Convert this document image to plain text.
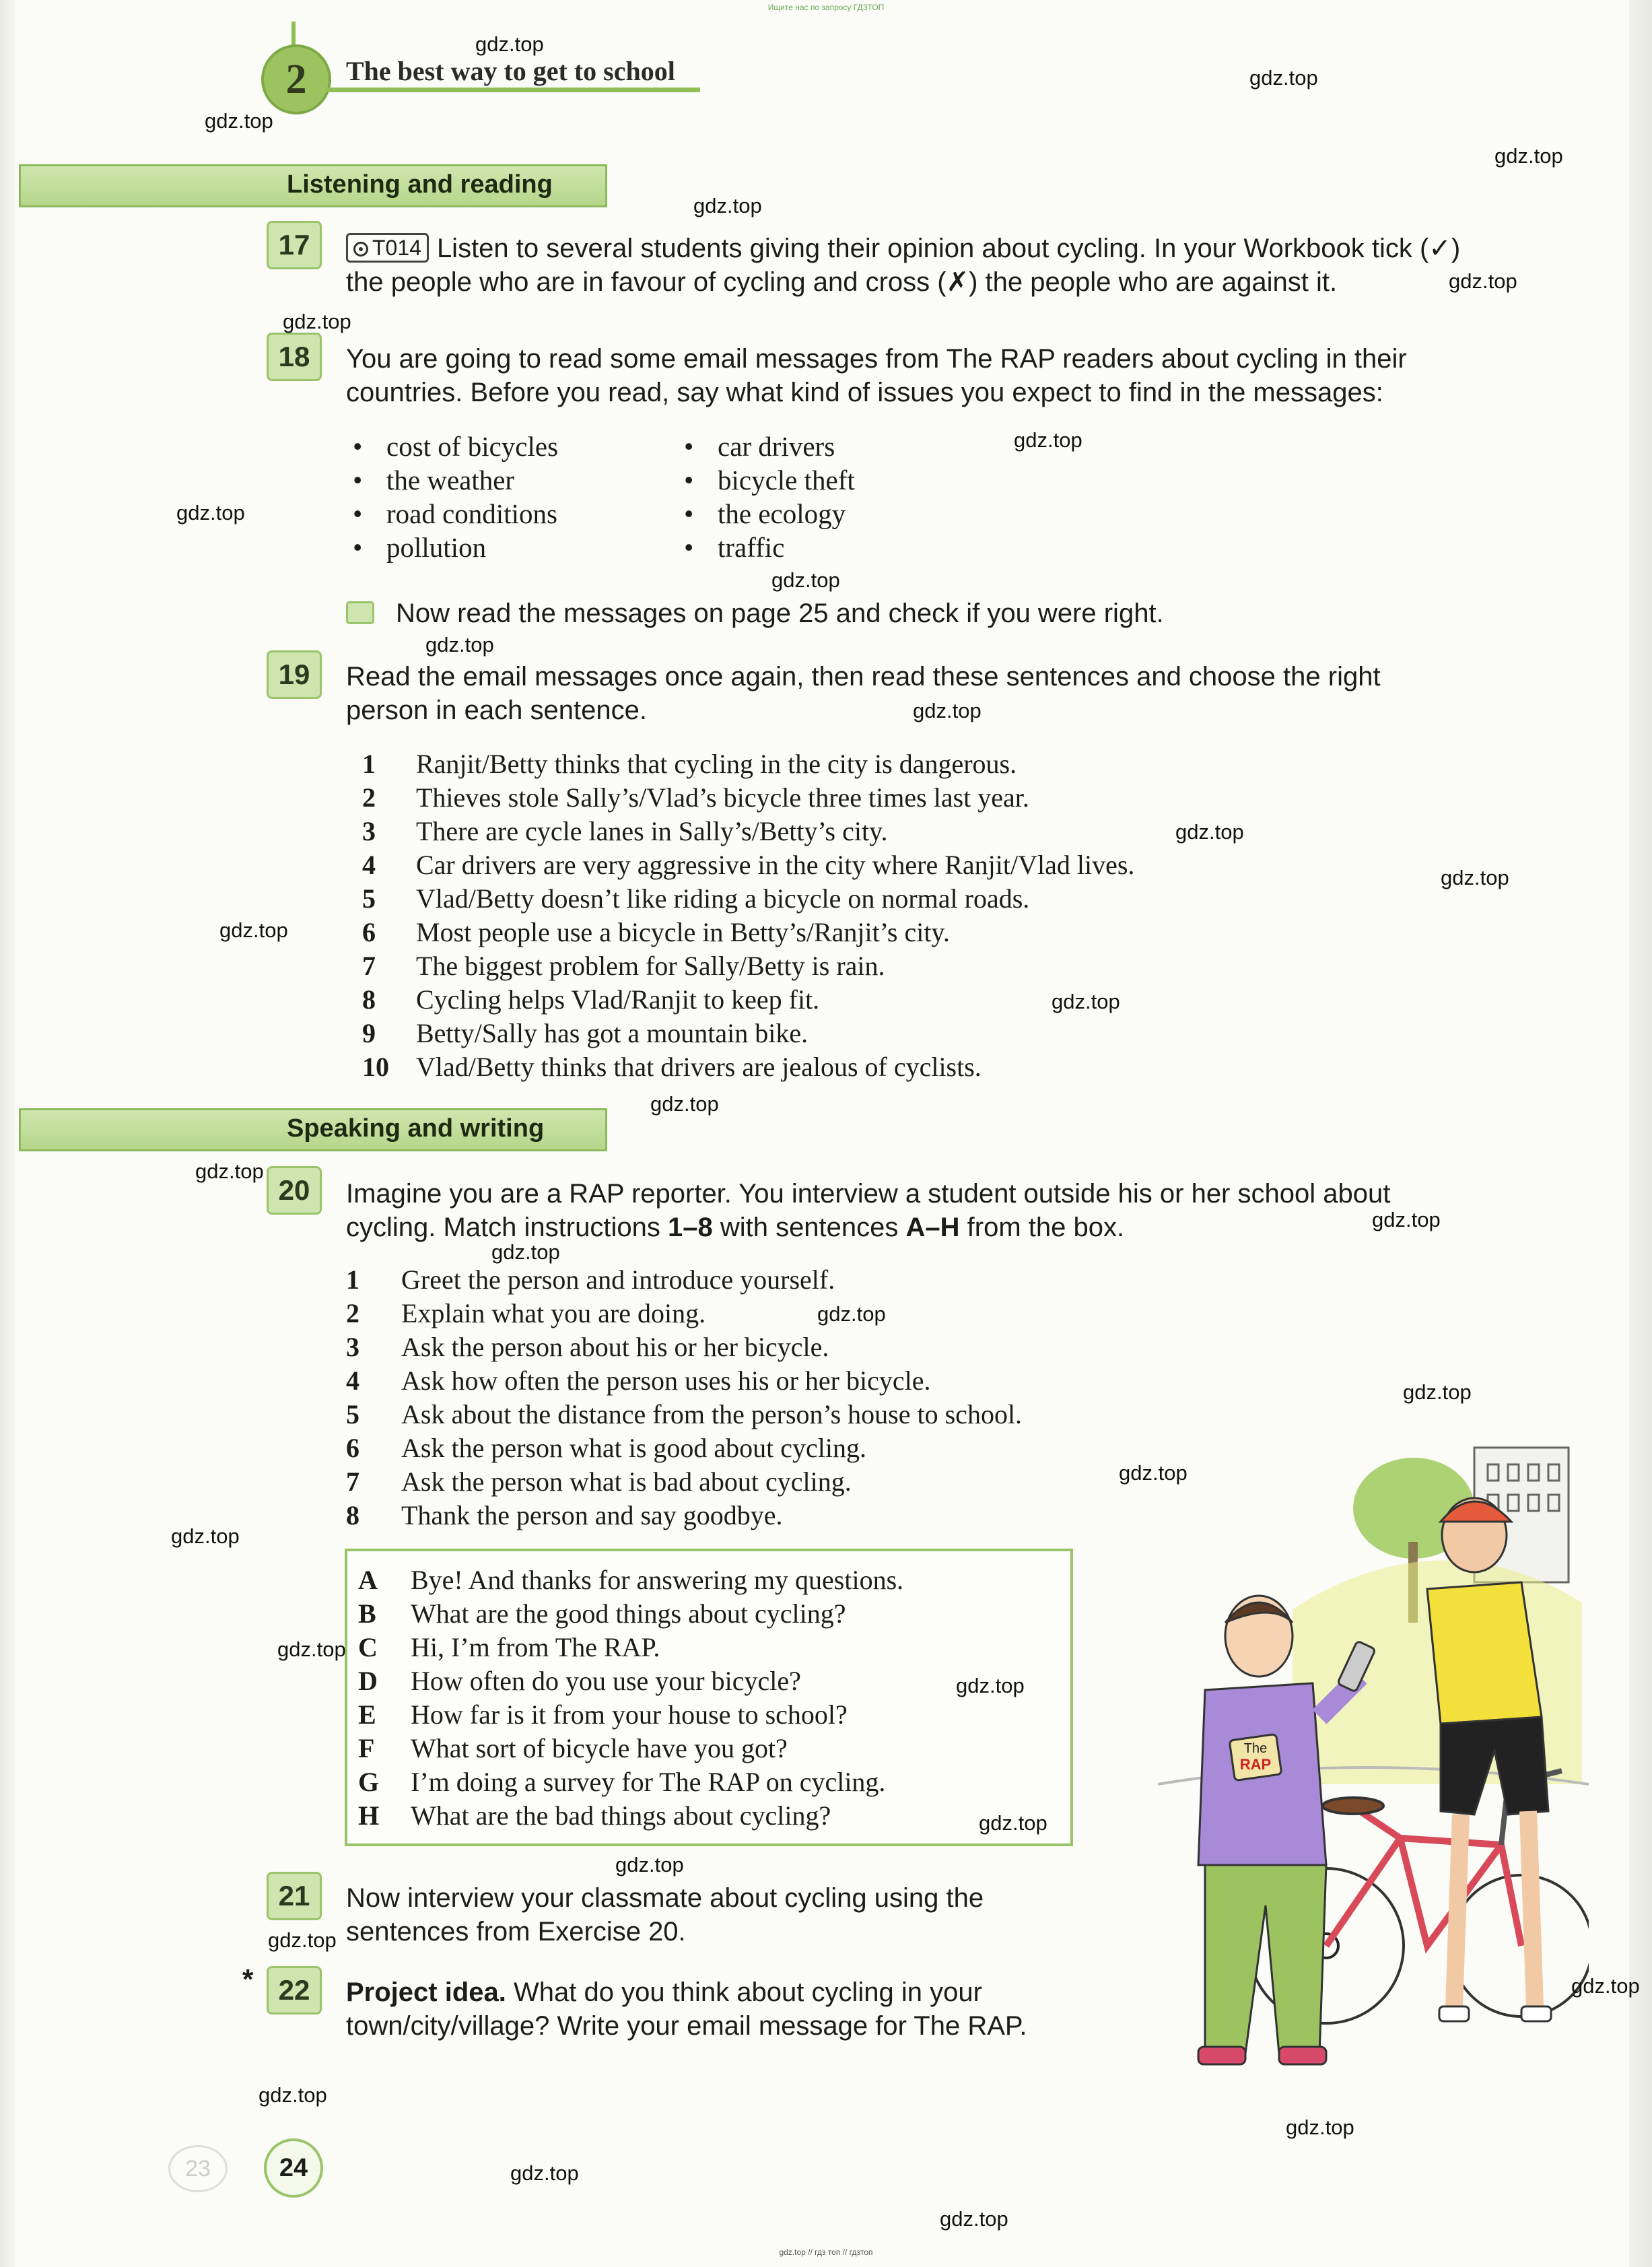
Ищите нас по запросу ГДЗТОП
2	The best way to get to school
Listening and reading
17	T014 Listen to several students giving their opinion about cycling. In your Workbook tick (✓)
the people who are in favour of cycling and cross (✗) the people who are against it.
18	You are going to read some email messages from The RAP readers about cycling in their
countries. Before you read, say what kind of issues you expect to find in the messages:
• cost of bicycles
• the weather
• road conditions
• pollution
• car drivers
• bicycle theft
• the ecology
• traffic
Now read the messages on page 25 and check if you were right.
19	Read the email messages once again, then read these sentences and choose the right
person in each sentence.
1 Ranjit/Betty thinks that cycling in the city is dangerous.
2 Thieves stole Sally’s/Vlad’s bicycle three times last year.
3 There are cycle lanes in Sally’s/Betty’s city.
4 Car drivers are very aggressive in the city where Ranjit/Vlad lives.
5 Vlad/Betty doesn’t like riding a bicycle on normal roads.
6 Most people use a bicycle in Betty’s/Ranjit’s city.
7 The biggest problem for Sally/Betty is rain.
8 Cycling helps Vlad/Ranjit to keep fit.
9 Betty/Sally has got a mountain bike.
10 Vlad/Betty thinks that drivers are jealous of cyclists.
Speaking and writing
20	Imagine you are a RAP reporter. You interview a student outside his or her school about
cycling. Match instructions 1–8 with sentences A–H from the box.
1 Greet the person and introduce yourself.
2 Explain what you are doing.
3 Ask the person about his or her bicycle.
4 Ask how often the person uses his or her bicycle.
5 Ask about the distance from the person’s house to school.
6 Ask the person what is good about cycling.
7 Ask the person what is bad about cycling.
8 Thank the person and say goodbye.
A Bye! And thanks for answering my questions.
B What are the good things about cycling?
C Hi, I’m from The RAP.
D How often do you use your bicycle?
E How far is it from your house to school?
F What sort of bicycle have you got?
G I’m doing a survey for The RAP on cycling.
H What are the bad things about cycling?
21	Now interview your classmate about cycling using the
sentences from Exercise 20.
* 22	Project idea. What do you think about cycling in your
town/city/village? Write your email message for The RAP.
The
RAP
23	24
gdz.top
gdz.top
gdz.top
gdz.top
gdz.top
gdz.top
gdz.top
gdz.top
gdz.top
gdz.top
gdz.top
gdz.top
gdz.top
gdz.top
gdz.top
gdz.top
gdz.top
gdz.top
gdz.top
gdz.top
gdz.top
gdz.top
gdz.top
gdz.top
gdz.top
gdz.top
gdz.top
gdz.top
gdz.top
gdz.top
gdz.top
gdz.top
gdz.top
gdz.top
gdz.top // гдз топ // гдзтоп
